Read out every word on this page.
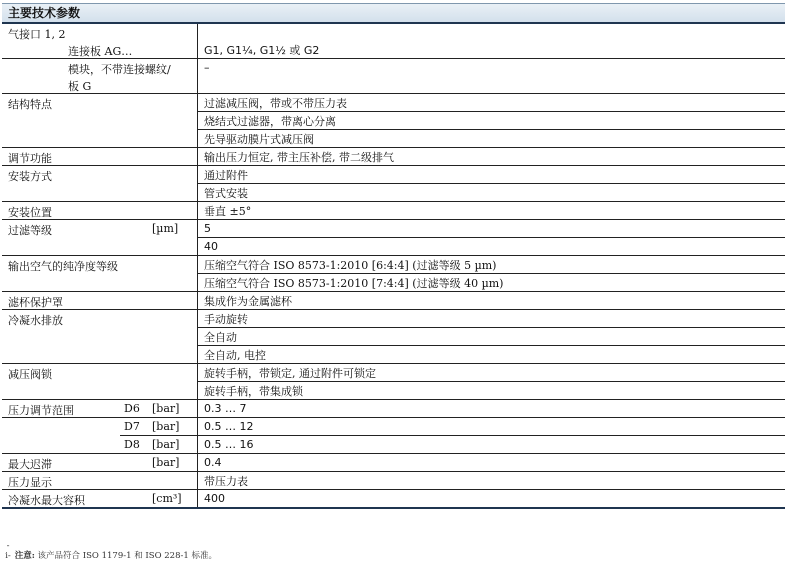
主要技术参数
气接口 1, 2	

连接板 AG…	G1, G1¼, G1½ 或 G2

模块，不带连接螺纹/
板 G	–

结构特点	过滤减压阀，带或不带压力表
	烧结式过滤器，带离心分离
	先导驱动膜片式减压阀

调节功能	输出压力恒定, 带主压补偿, 带二级排气

安装方式	通过附件
	管式安装

安装位置	垂直 ±5°

过滤等级 [µm]	5
	40

输出空气的纯净度等级	压缩空气符合 ISO 8573-1:2010 [6:4:4] (过滤等级 5 µm)
	压缩空气符合 ISO 8573-1:2010 [7:4:4] (过滤等级 40 µm)

滤杯保护罩	集成作为金属滤杯

冷凝水排放	手动旋转
	全自动
	全自动, 电控

减压阀锁	旋转手柄，带锁定, 通过附件可锁定
	旋转手柄，带集成锁

压力调节范围 D6 [bar]	0.3 … 7

D7 [bar]	0.5 … 12

D8 [bar]	0.5 … 16

最大迟滞 [bar]	0.4

压力显示	带压力表

冷凝水最大容积 [cm³]	400
-i- 注意: 该产品符合 ISO 1179-1 和 ISO 228-1 标准。
